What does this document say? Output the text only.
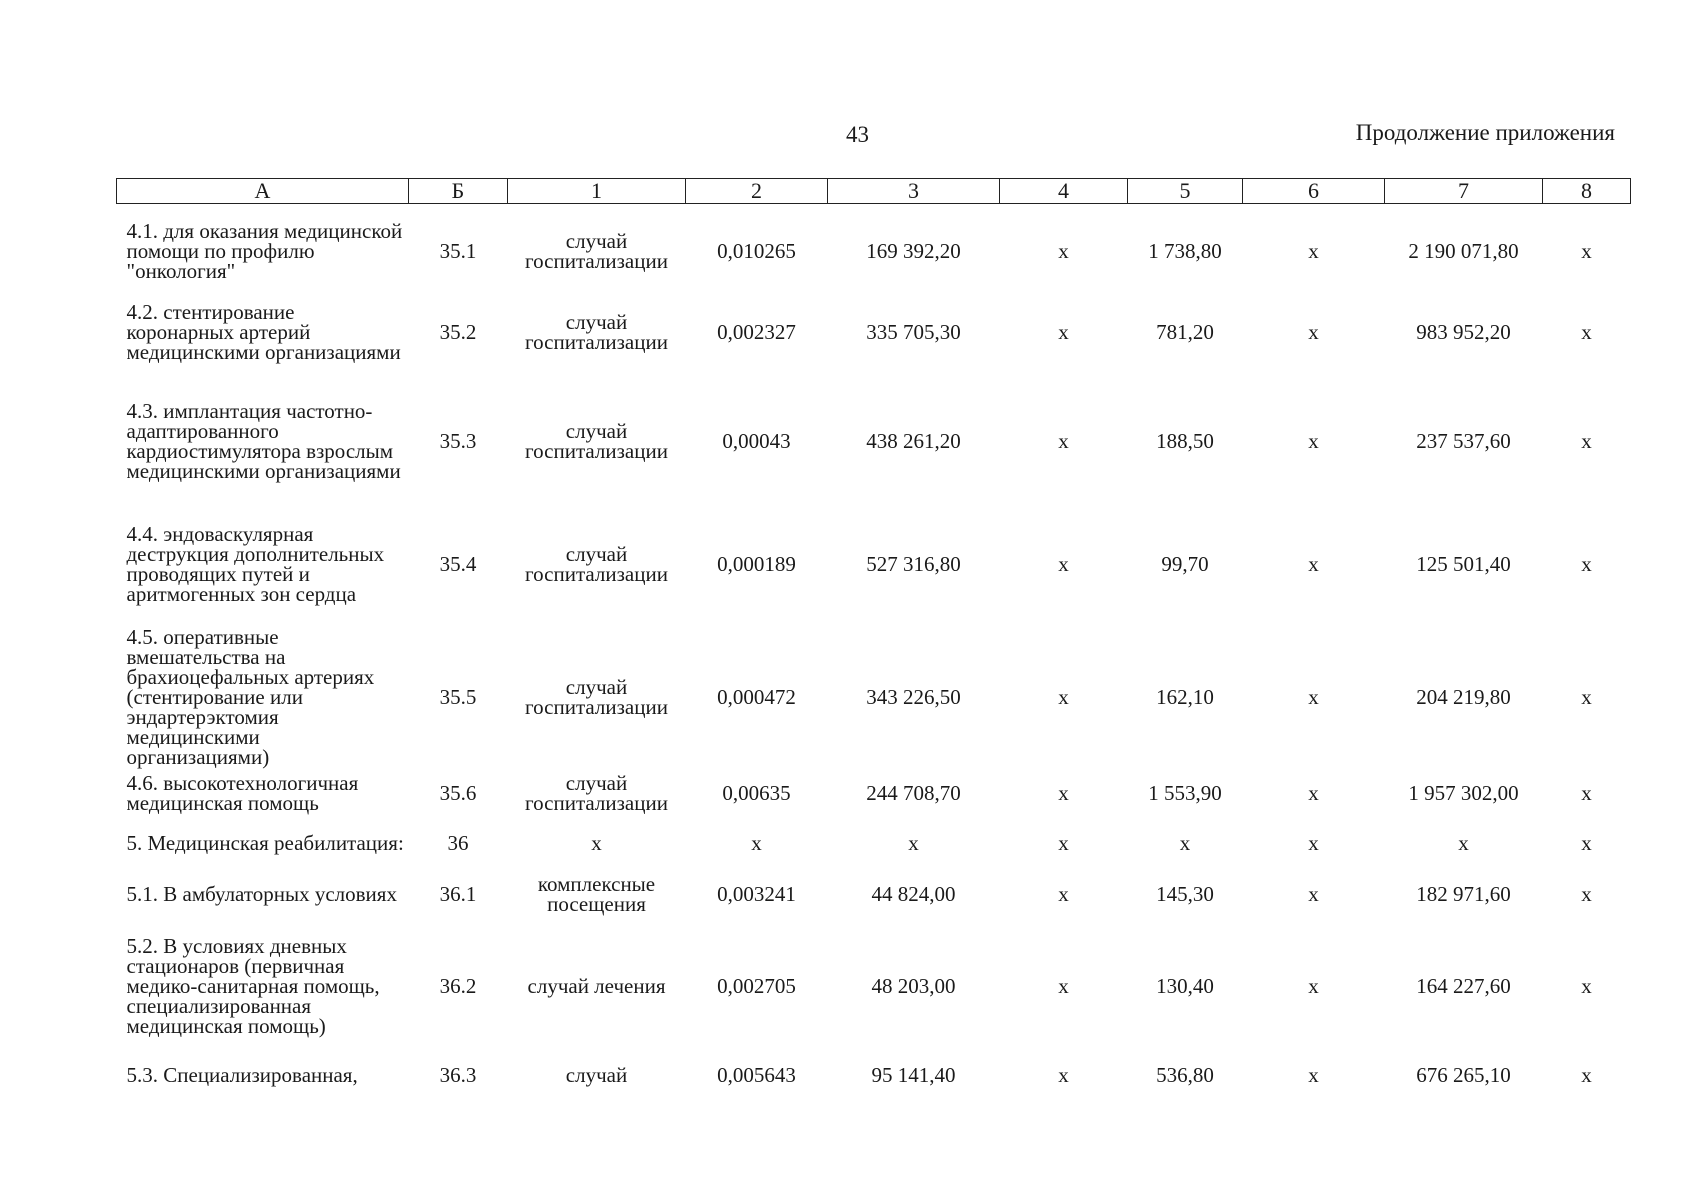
43	Продолжение приложения
А	Б	1	2	3	4	5	6	7	8

4.1. для оказания медицинской помощи по профилю "онкология"	35.1	случай госпитализации	0,010265	169 392,20	х	1 738,80	х	2 190 071,80	х
4.2. стентирование коронарных артерий медицинскими организациями	35.2	случай госпитализации	0,002327	335 705,30	х	781,20	х	983 952,20	х
4.3. имплантация частотно-адаптированного кардиостимулятора взрослым медицинскими организациями	35.3	случай госпитализации	0,00043	438 261,20	х	188,50	х	237 537,60	х
4.4. эндоваскулярная деструкция дополнительных проводящих путей и аритмогенных зон сердца	35.4	случай госпитализации	0,000189	527 316,80	х	99,70	х	125 501,40	х
4.5. оперативные вмешательства на брахиоцефальных артериях (стентирование или эндартерэктомия медицинскими организациями)	35.5	случай госпитализации	0,000472	343 226,50	х	162,10	х	204 219,80	х
4.6. высокотехнологичная медицинская помощь	35.6	случай госпитализации	0,00635	244 708,70	х	1 553,90	х	1 957 302,00	х
5. Медицинская реабилитация:	36	х	х	х	х	х	х	х	х
5.1. В амбулаторных условиях	36.1	комплексные посещения	0,003241	44 824,00	х	145,30	х	182 971,60	х
5.2. В условиях дневных стационаров (первичная медико-санитарная помощь, специализированная медицинская помощь)	36.2	случай лечения	0,002705	48 203,00	х	130,40	х	164 227,60	х
5.3. Специализированная,	36.3	случай	0,005643	95 141,40	х	536,80	х	676 265,10	х
